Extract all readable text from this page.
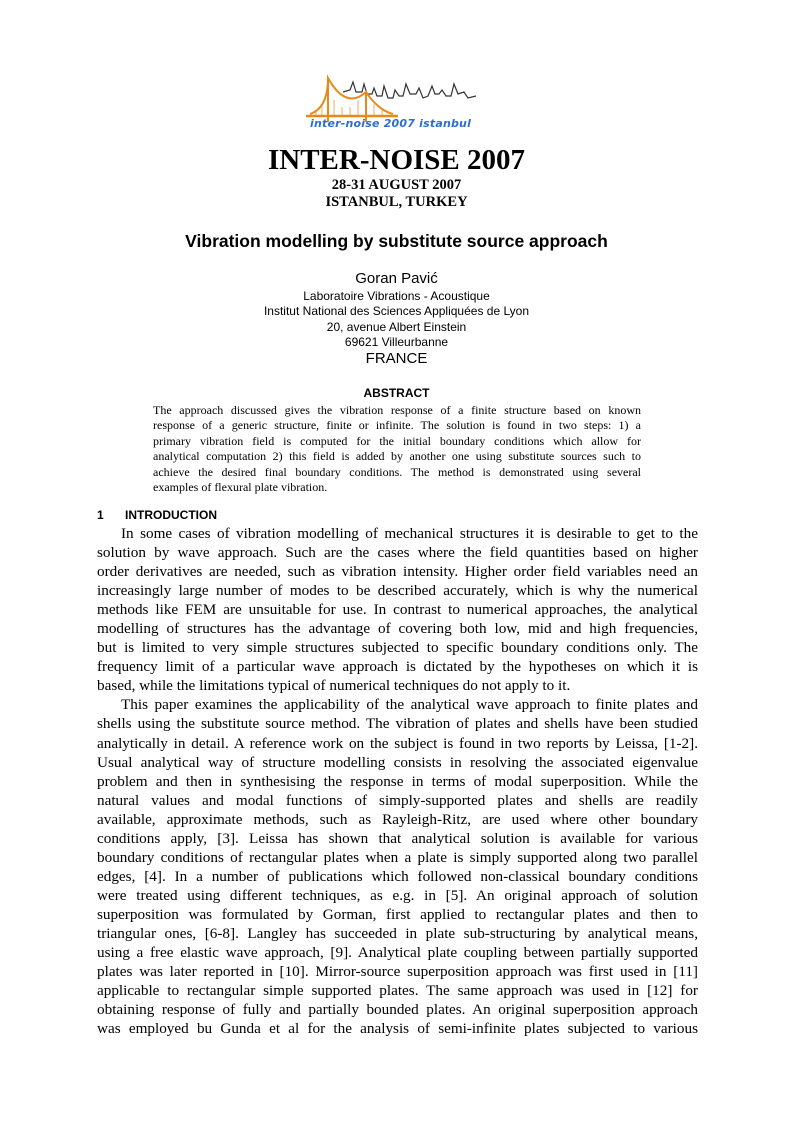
inter-noise 2007 istanbul
INTER-NOISE 2007
28-31 AUGUST 2007
ISTANBUL, TURKEY
Vibration modelling by substitute source approach
Goran Pavić
Laboratoire Vibrations - Acoustique
Institut National des Sciences Appliquées de Lyon
20, avenue Albert Einstein
69621 Villeurbanne
FRANCE
ABSTRACT
The approach discussed gives the vibration response of a finite structure based on known
response of a generic structure, finite or infinite. The solution is found in two steps: 1) a
primary vibration field is computed for the initial boundary conditions which allow for
analytical computation 2) this field is added by another one using substitute sources such to
achieve the desired final boundary conditions. The method is demonstrated using several
examples of flexural plate vibration.
1 INTRODUCTION
In some cases of vibration modelling of mechanical structures it is desirable to get to the
solution by wave approach. Such are the cases where the field quantities based on higher
order derivatives are needed, such as vibration intensity. Higher order field variables need an
increasingly large number of modes to be described accurately, which is why the numerical
methods like FEM are unsuitable for use. In contrast to numerical approaches, the analytical
modelling of structures has the advantage of covering both low, mid and high frequencies,
but is limited to very simple structures subjected to specific boundary conditions only. The
frequency limit of a particular wave approach is dictated by the hypotheses on which it is
based, while the limitations typical of numerical techniques do not apply to it.
This paper examines the applicability of the analytical wave approach to finite plates and
shells using the substitute source method. The vibration of plates and shells have been studied
analytically in detail. A reference work on the subject is found in two reports by Leissa, [1-2].
Usual analytical way of structure modelling consists in resolving the associated eigenvalue
problem and then in synthesising the response in terms of modal superposition. While the
natural values and modal functions of simply-supported plates and shells are readily
available, approximate methods, such as Rayleigh-Ritz, are used where other boundary
conditions apply, [3]. Leissa has shown that analytical solution is available for various
boundary conditions of rectangular plates when a plate is simply supported along two parallel
edges, [4]. In a number of publications which followed non-classical boundary conditions
were treated using different techniques, as e.g. in [5]. An original approach of solution
superposition was formulated by Gorman, first applied to rectangular plates and then to
triangular ones, [6-8]. Langley has succeeded in plate sub-structuring by analytical means,
using a free elastic wave approach, [9]. Analytical plate coupling between partially supported
plates was later reported in [10]. Mirror-source superposition approach was first used in [11]
applicable to rectangular simple supported plates. The same approach was used in [12] for
obtaining response of fully and partially bounded plates. An original superposition approach
was employed bu Gunda et al for the analysis of semi-infinite plates subjected to various
